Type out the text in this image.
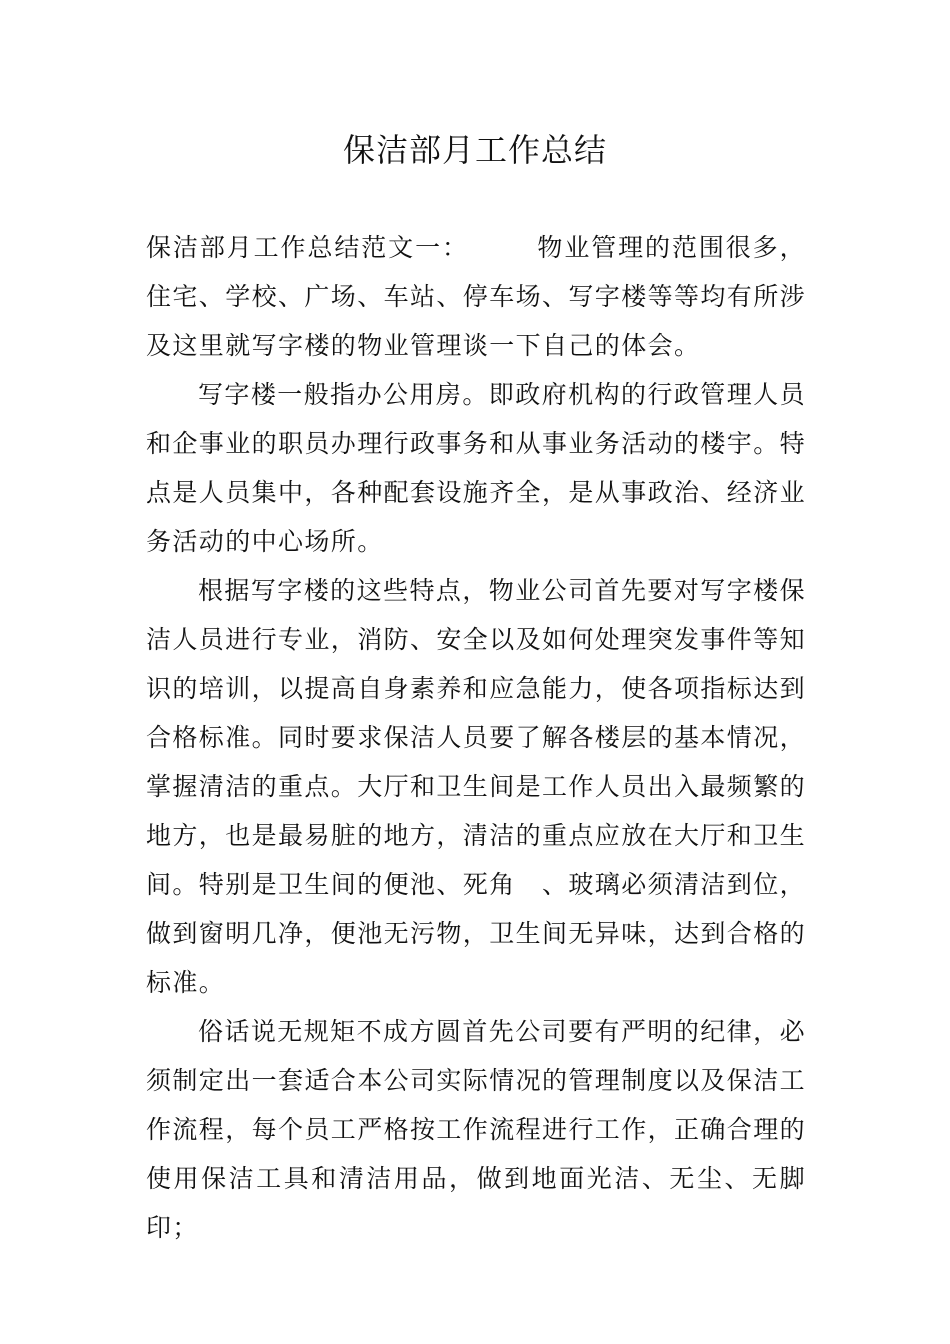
保洁部月工作总结

保洁部月工作总结范文一：	物业管理的范围很多，住宅、学校、广场、车站、停车场、写字楼等等均有所涉及这里就写字楼的物业管理谈一下自己的体会。

写字楼一般指办公用房。即政府机构的行政管理人员和企事业的职员办理行政事务和从事业务活动的楼宇。特点是人员集中，各种配套设施齐全，是从事政治、经济业务活动的中心场所。

根据写字楼的这些特点，物业公司首先要对写字楼保洁人员进行专业，消防、安全以及如何处理突发事件等知识的培训，以提高自身素养和应急能力，使各项指标达到合格标准。同时要求保洁人员要了解各楼层的基本情况，掌握清洁的重点。大厅和卫生间是工作人员出入最频繁的地方，也是最易脏的地方，清洁的重点应放在大厅和卫生间。特别是卫生间的便池、死角　、玻璃必须清洁到位，做到窗明几净，便池无污物，卫生间无异味，达到合格的标准。

俗话说无规矩不成方圆首先公司要有严明的纪律，必须制定出一套适合本公司实际情况的管理制度以及保洁工作流程，每个员工严格按工作流程进行工作，正确合理的使用保洁工具和清洁用品，做到地面光洁、无尘、无脚印；
